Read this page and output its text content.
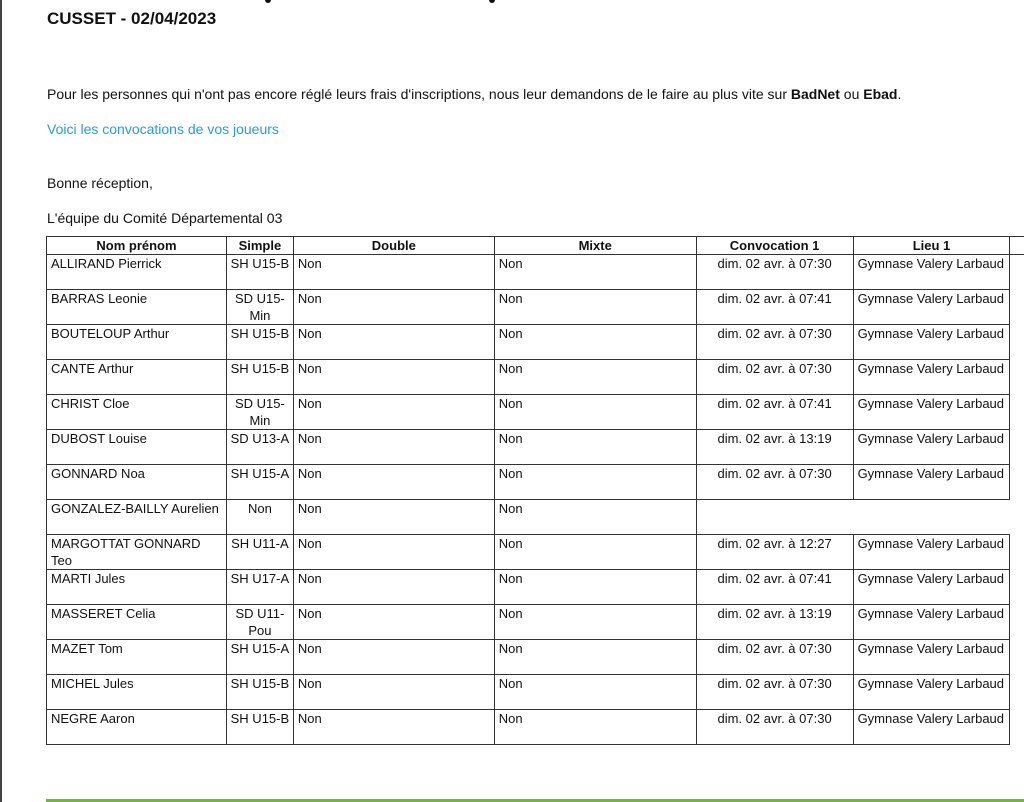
CUSSET - 02/04/2023
Pour les personnes qui n'ont pas encore réglé leurs frais d'inscriptions, nous leur demandons de le faire au plus vite sur BadNet ou Ebad.
Voici les convocations de vos joueurs
Bonne réception,
L'équipe du Comité Départemental 03
Nom prénom	Simple	Double	Mixte	Convocation 1	Lieu 1	
ALLIRAND Pierrick	SH U15-B	Non	Non	dim. 02 avr. à 07:30	Gymnase Valery Larbaud	
BARRAS Leonie	SD U15-Min	Non	Non	dim. 02 avr. à 07:41	Gymnase Valery Larbaud	
BOUTELOUP Arthur	SH U15-B	Non	Non	dim. 02 avr. à 07:30	Gymnase Valery Larbaud	
CANTE Arthur	SH U15-B	Non	Non	dim. 02 avr. à 07:30	Gymnase Valery Larbaud	
CHRIST Cloe	SD U15-Min	Non	Non	dim. 02 avr. à 07:41	Gymnase Valery Larbaud	
DUBOST Louise	SD U13-A	Non	Non	dim. 02 avr. à 13:19	Gymnase Valery Larbaud	
GONNARD Noa	SH U15-A	Non	Non	dim. 02 avr. à 07:30	Gymnase Valery Larbaud	
GONZALEZ-BAILLY Aurelien	Non	Non	Non			
MARGOTTAT GONNARD Teo	SH U11-A	Non	Non	dim. 02 avr. à 12:27	Gymnase Valery Larbaud	
MARTI Jules	SH U17-A	Non	Non	dim. 02 avr. à 07:41	Gymnase Valery Larbaud	
MASSERET Celia	SD U11-Pou	Non	Non	dim. 02 avr. à 13:19	Gymnase Valery Larbaud	
MAZET Tom	SH U15-A	Non	Non	dim. 02 avr. à 07:30	Gymnase Valery Larbaud	
MICHEL Jules	SH U15-B	Non	Non	dim. 02 avr. à 07:30	Gymnase Valery Larbaud	
NEGRE Aaron	SH U15-B	Non	Non	dim. 02 avr. à 07:30	Gymnase Valery Larbaud	
